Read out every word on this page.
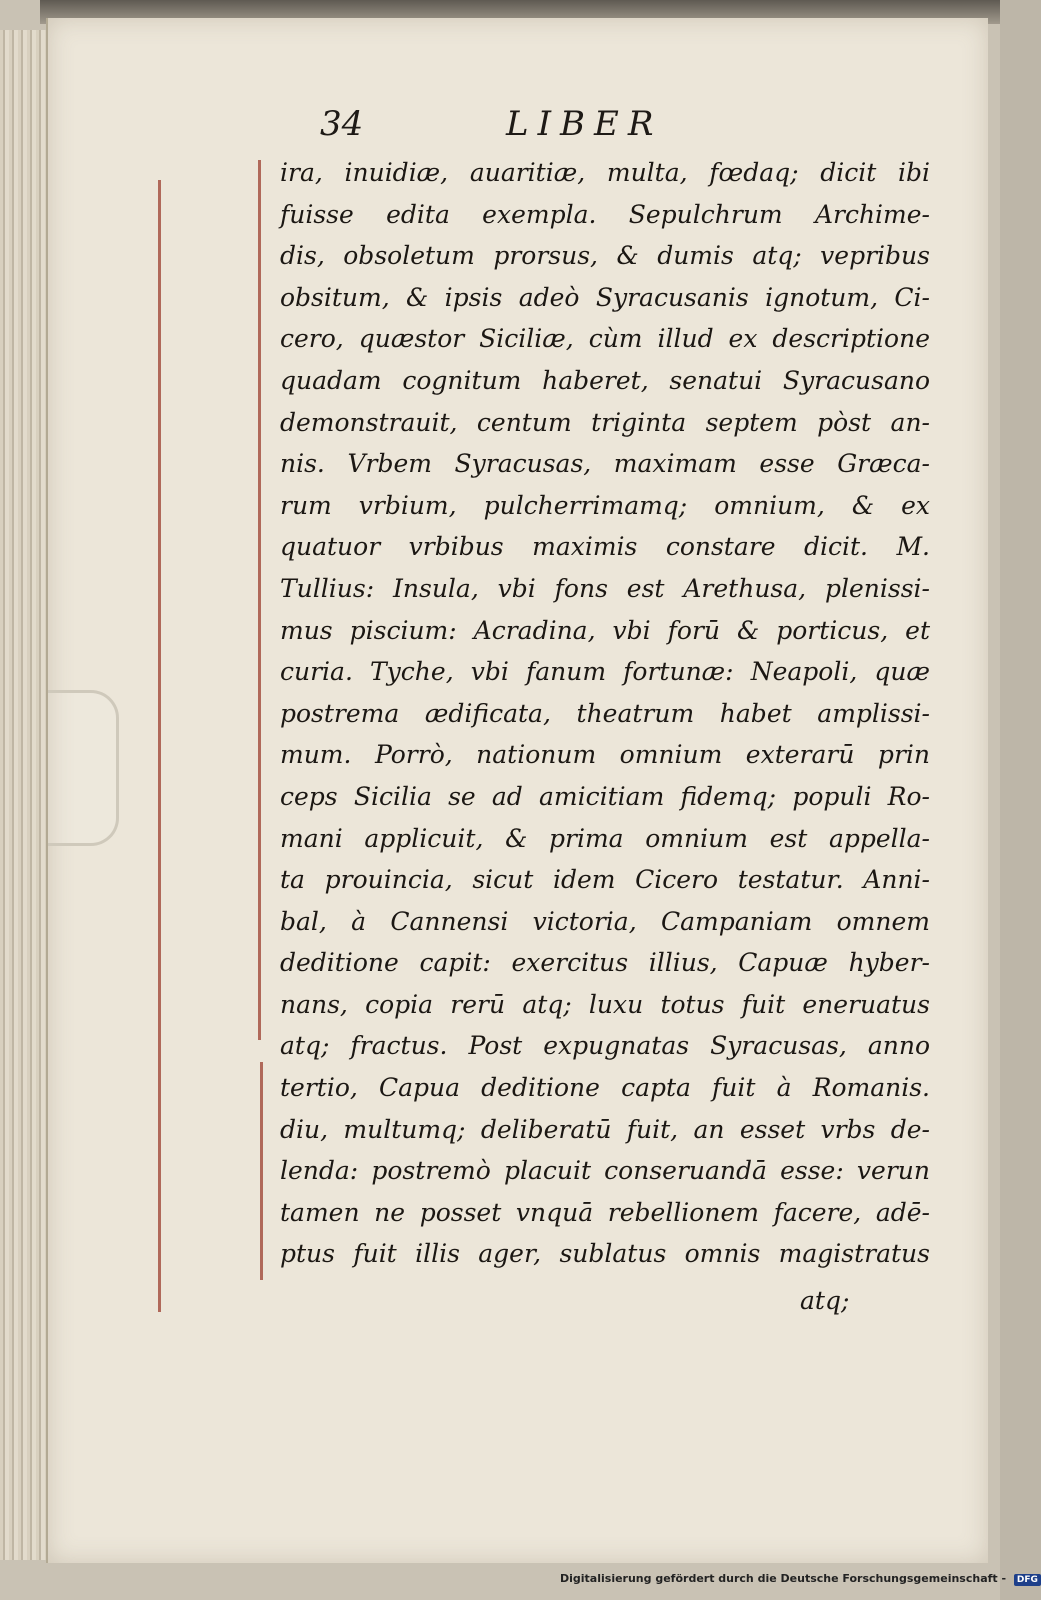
34	LIBER
ira, inuidiæ, auaritiæ, multa, fœdaq; dicit ibi
fuisse edita exempla. Sepulchrum Archime-
dis, obsoletum prorsus, & dumis atq; vepribus
obsitum, & ipsis adeò Syracusanis ignotum, Ci-
cero, quæstor Siciliæ, cùm illud ex descriptione
quadam cognitum haberet, senatui Syracusano
demonstrauit, centum triginta septem pòst an-
nis. Vrbem Syracusas, maximam esse Græca-
rum vrbium, pulcherrimamq; omnium, & ex
quatuor vrbibus maximis constare dicit. M.
Tullius: Insula, vbi fons est Arethusa, plenissi-
mus piscium: Acradina, vbi forū & porticus, et
curia. Tyche, vbi fanum fortunæ: Neapoli, quæ
postrema ædificata, theatrum habet amplissi-
mum. Porrò, nationum omnium exterarū prin
ceps Sicilia se ad amicitiam fidemq; populi Ro-
mani applicuit, & prima omnium est appella-
ta prouincia, sicut idem Cicero testatur. Anni-
bal, à Cannensi victoria, Campaniam omnem
deditione capit: exercitus illius, Capuæ hyber-
nans, copia rerū atq; luxu totus fuit eneruatus
atq; fractus. Post expugnatas Syracusas, anno
tertio, Capua deditione capta fuit à Romanis.
diu, multumq; deliberatū fuit, an esset vrbs de-
lenda: postremò placuit conseruandā esse: verun
tamen ne posset vnquā rebellionem facere, adē-
ptus fuit illis ager, sublatus omnis magistratus
atq;
Digitalisierung gefördert durch die Deutsche Forschungsgemeinschaft - DFG
